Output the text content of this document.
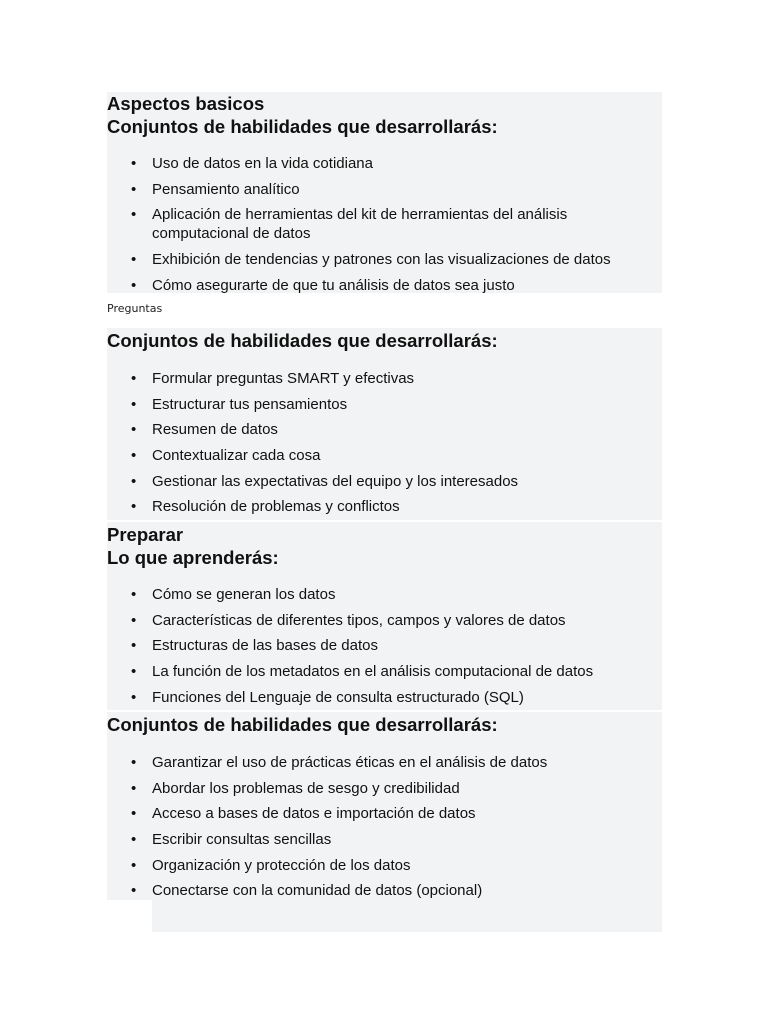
Aspectos basicos

Conjuntos de habilidades que desarrollarás:

• Uso de datos en la vida cotidiana
• Pensamiento analítico
• Aplicación de herramientas del kit de herramientas del análisis computacional de datos
• Exhibición de tendencias y patrones con las visualizaciones de datos
• Cómo asegurarte de que tu análisis de datos sea justo
Preguntas

Conjuntos de habilidades que desarrollarás:

• Formular preguntas SMART y efectivas
• Estructurar tus pensamientos
• Resumen de datos
• Contextualizar cada cosa
• Gestionar las expectativas del equipo y los interesados
• Resolución de problemas y conflictos

Preparar

Lo que aprenderás:

• Cómo se generan los datos
• Características de diferentes tipos, campos y valores de datos
• Estructuras de las bases de datos
• La función de los metadatos en el análisis computacional de datos
• Funciones del Lenguaje de consulta estructurado (SQL)

Conjuntos de habilidades que desarrollarás:

• Garantizar el uso de prácticas éticas en el análisis de datos
• Abordar los problemas de sesgo y credibilidad
• Acceso a bases de datos e importación de datos
• Escribir consultas sencillas
• Organización y protección de los datos
• Conectarse con la comunidad de datos (opcional)
